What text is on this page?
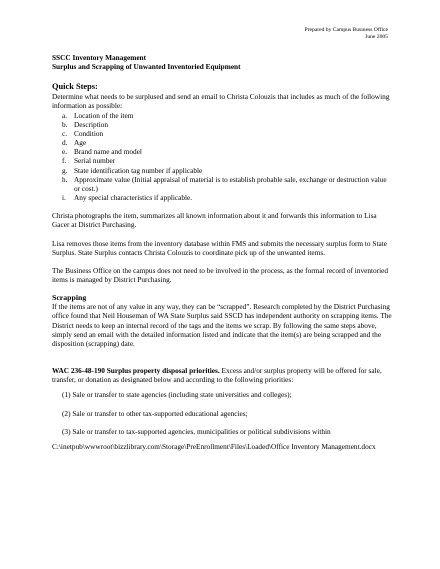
Prepared by Campus Business Office
June 2005
SSCC Inventory Management
Surplus and Scrapping of Unwanted Inventoried Equipment
Quick Steps:

Determine what needs to be surplused and send an email to Christa Colouzis that includes as much of the following information as possible:

a. Location of the item
b. Description
c. Condition
d. Age
e. Brand name and model
f.	Serial number
g. State identification tag number if applicable
h. Approximate value (Initial appraisal of material is to establish probable sale, exchange or destruction value or cost.)
i.	Any special characteristics if applicable.

Christa photographs the item, summarizes all known information about it and forwards this information to Lisa Gacer at District Purchasing.

Lisa removes those items from the inventory database within FMS and submits the necessary surplus form to State Surplus. State Surplus contacts Christa Colouzis to coordinate pick up of the unwanted items.

The Business Office on the campus does not need to be involved in the process, as the formal record of inventoried items is managed by District Purchasing.

Scrapping

If the items are not of any value in any way, they can be “scrapped”. Research completed by the District Purchasing office found that Neil Houseman of WA State Surplus said SSCD has independent authority on scrapping items. The District needs to keep an internal record of the tags and the items we scrap. By following the same steps above, simply send an email with the detailed information listed and indicate that the item(s) are being scrapped and the disposition (scrapping) date.

WAC 236-48-190 Surplus property disposal priorities. Excess and/or surplus property will be offered for sale, transfer, or donation as designated below and according to the following priorities:

(1) Sale or transfer to state agencies (including state universities and colleges);

(2) Sale or transfer to other tax-supported educational agencies;

(3) Sale or transfer to tax-supported agencies, municipalities or political subdivisions within

C:\inetpub\wwwroot\bizzlibrary.com\Storage\PreEnrollment\Files\Loaded\Office Inventory Management.docx
